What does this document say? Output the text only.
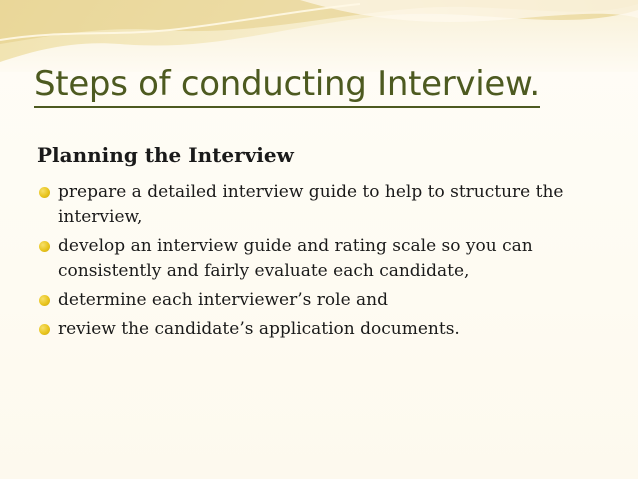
Steps of conducting Interview.
Planning the Interview
prepare a detailed interview guide to help to structure the interview,
develop an interview guide and rating scale so you can consistently and fairly evaluate each candidate,
determine each interviewer’s role and
review the candidate’s application documents.
